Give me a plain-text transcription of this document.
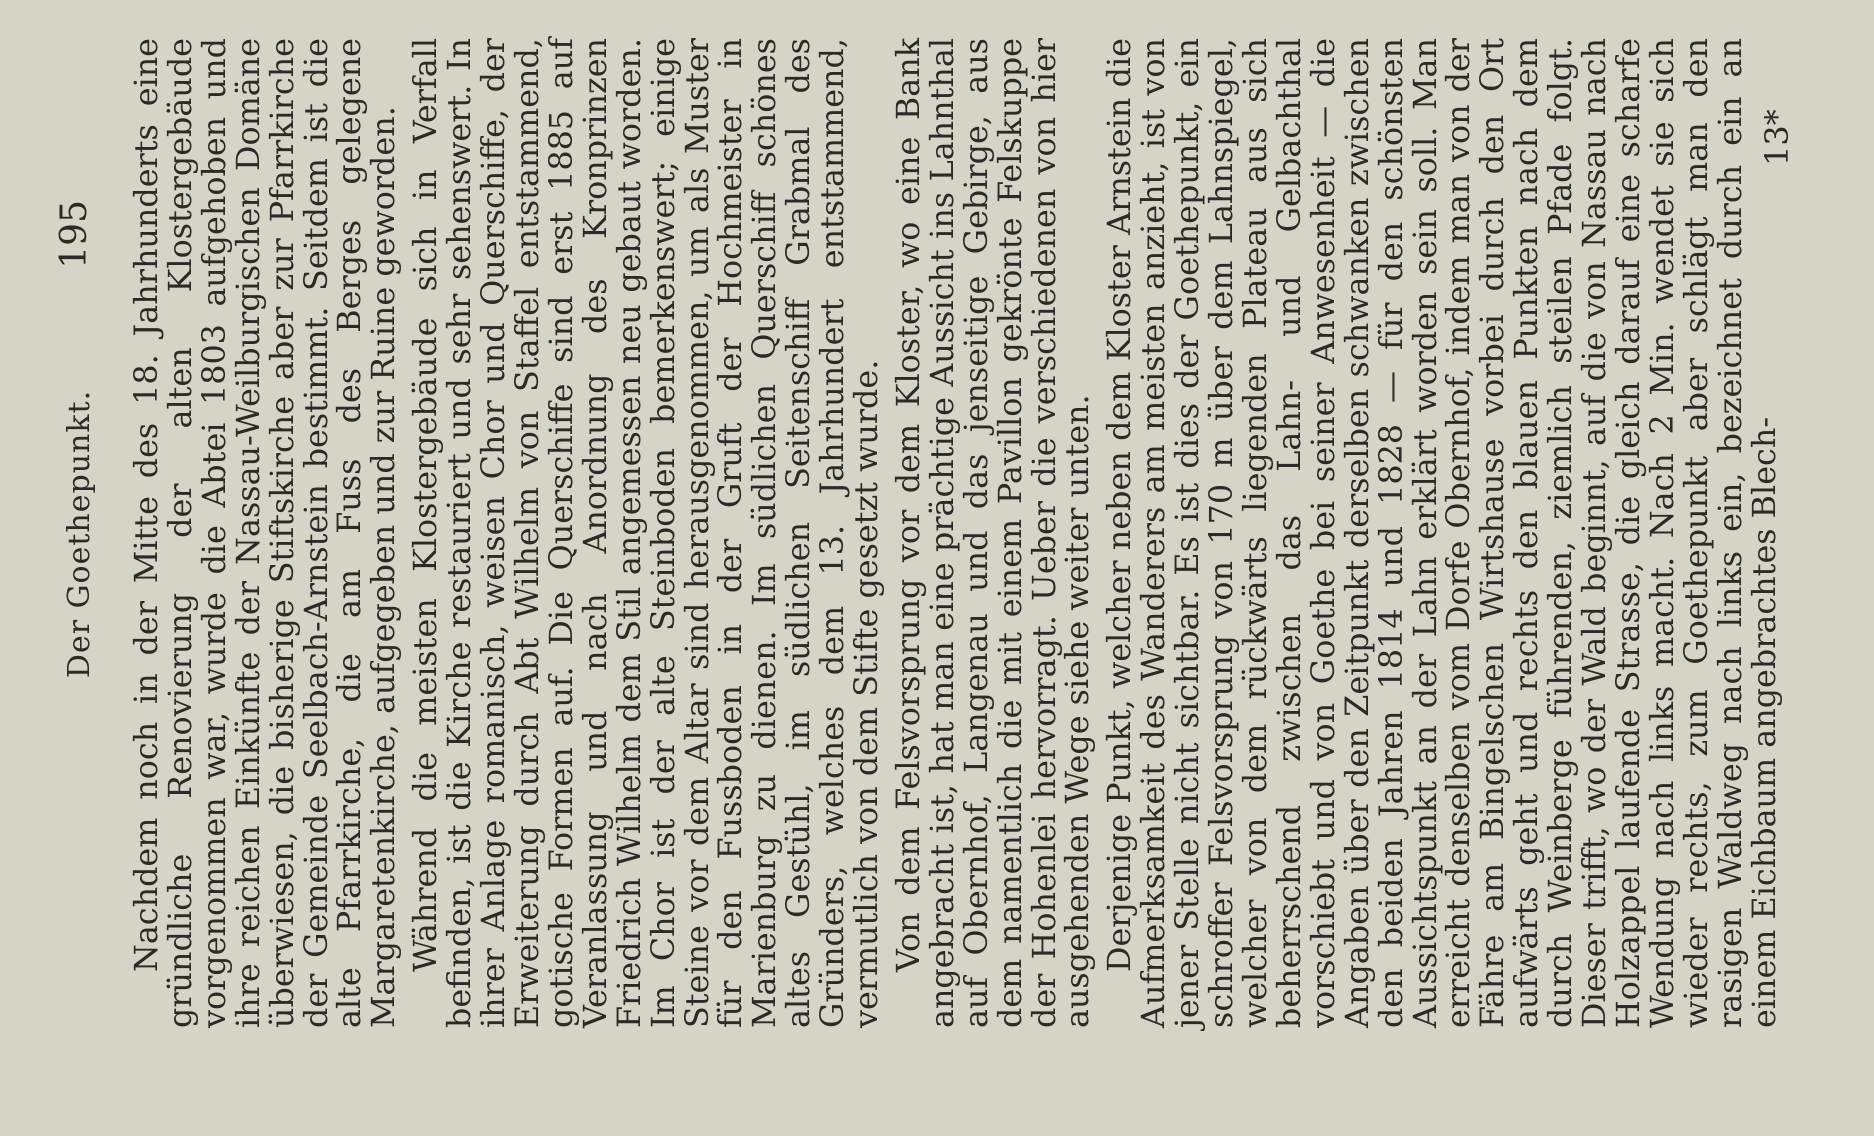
Der Goethepunkt.
195 Nachdem noch in der Mitte des 18. Jahrhunderts eine gründliche Renovierung der alten Klostergebäude vorgenommen war, wurde die Abtei 1803 aufgehoben und ihre reichen Einkünfte der Nassau-Weilburgischen Domäne überwiesen, die bisherige Stiftskirche aber zur Pfarrkirche der Gemeinde Seelbach-Arnstein bestimmt. Seitdem ist die alte Pfarrkirche, die am Fuss des Berges gelegene Margaretenkirche, aufgegeben und zur Ruine geworden. Während die meisten Klostergebäude sich in Verfall befinden, ist die Kirche restauriert und sehr sehenswert. In ihrer Anlage romanisch, weisen Chor und Querschiffe, der Erweiterung durch Abt Wilhelm von Staffel entstammend, gotische Formen auf. Die Querschiffe sind erst 1885 auf Veranlassung und nach Anordnung des Kronprinzen Friedrich Wilhelm dem Stil angemessen neu gebaut worden. Im Chor ist der alte Steinboden bemerkenswert; einige Steine vor dem Altar sind herausgenommen, um als Muster für den Fussboden in der Gruft der Hochmeister in Marienburg zu dienen. Im südlichen Querschiff schönes altes Gestühl, im südlichen Seitenschiff Grabmal des Gründers, welches dem 13. Jahrhundert entstammend, vermutlich von dem Stifte gesetzt wurde. Von dem Felsvorsprung vor dem Kloster, wo eine Bank angebracht ist, hat man eine prächtige Aussicht ins Lahnthal auf Obernhof, Langenau und das jenseitige Gebirge, aus dem namentlich die mit einem Pavillon gekrönte Felskuppe der Hohenlei hervorragt. Ueber die verschiedenen von hier ausgehenden Wege siehe weiter unten. Derjenige Punkt, welcher neben dem Kloster Arnstein die Aufmerksamkeit des Wanderers am meisten anzieht, ist von jener Stelle nicht sichtbar. Es ist dies der Goethepunkt, ein schroffer Felsvorsprung von 170 m über dem Lahnspiegel, welcher von dem rückwärts liegenden Plateau aus sich beherrschend zwischen das Lahn- und Gelbachthal vorschiebt und von Goethe bei seiner Anwesenheit — die Angaben über den Zeitpunkt derselben schwanken zwischen den beiden Jahren 1814 und 1828 — für den schönsten Aussichtspunkt an der Lahn erklärt worden sein soll. Man erreicht denselben vom Dorfe Obernhof, indem man von der Fähre am Bingelschen Wirtshause vorbei durch den Ort aufwärts geht und rechts den blauen Punkten nach dem durch Weinberge führenden, ziemlich steilen Pfade folgt. Dieser trifft, wo der Wald beginnt, auf die von Nassau nach Holzappel laufende Strasse, die gleich darauf eine scharfe Wendung nach links macht. Nach 2 Min. wendet sie sich wieder rechts, zum Goethepunkt aber schlägt man den rasigen Waldweg nach links ein, bezeichnet durch ein an einem Eichbaum angebrachtes Blech-

13*
